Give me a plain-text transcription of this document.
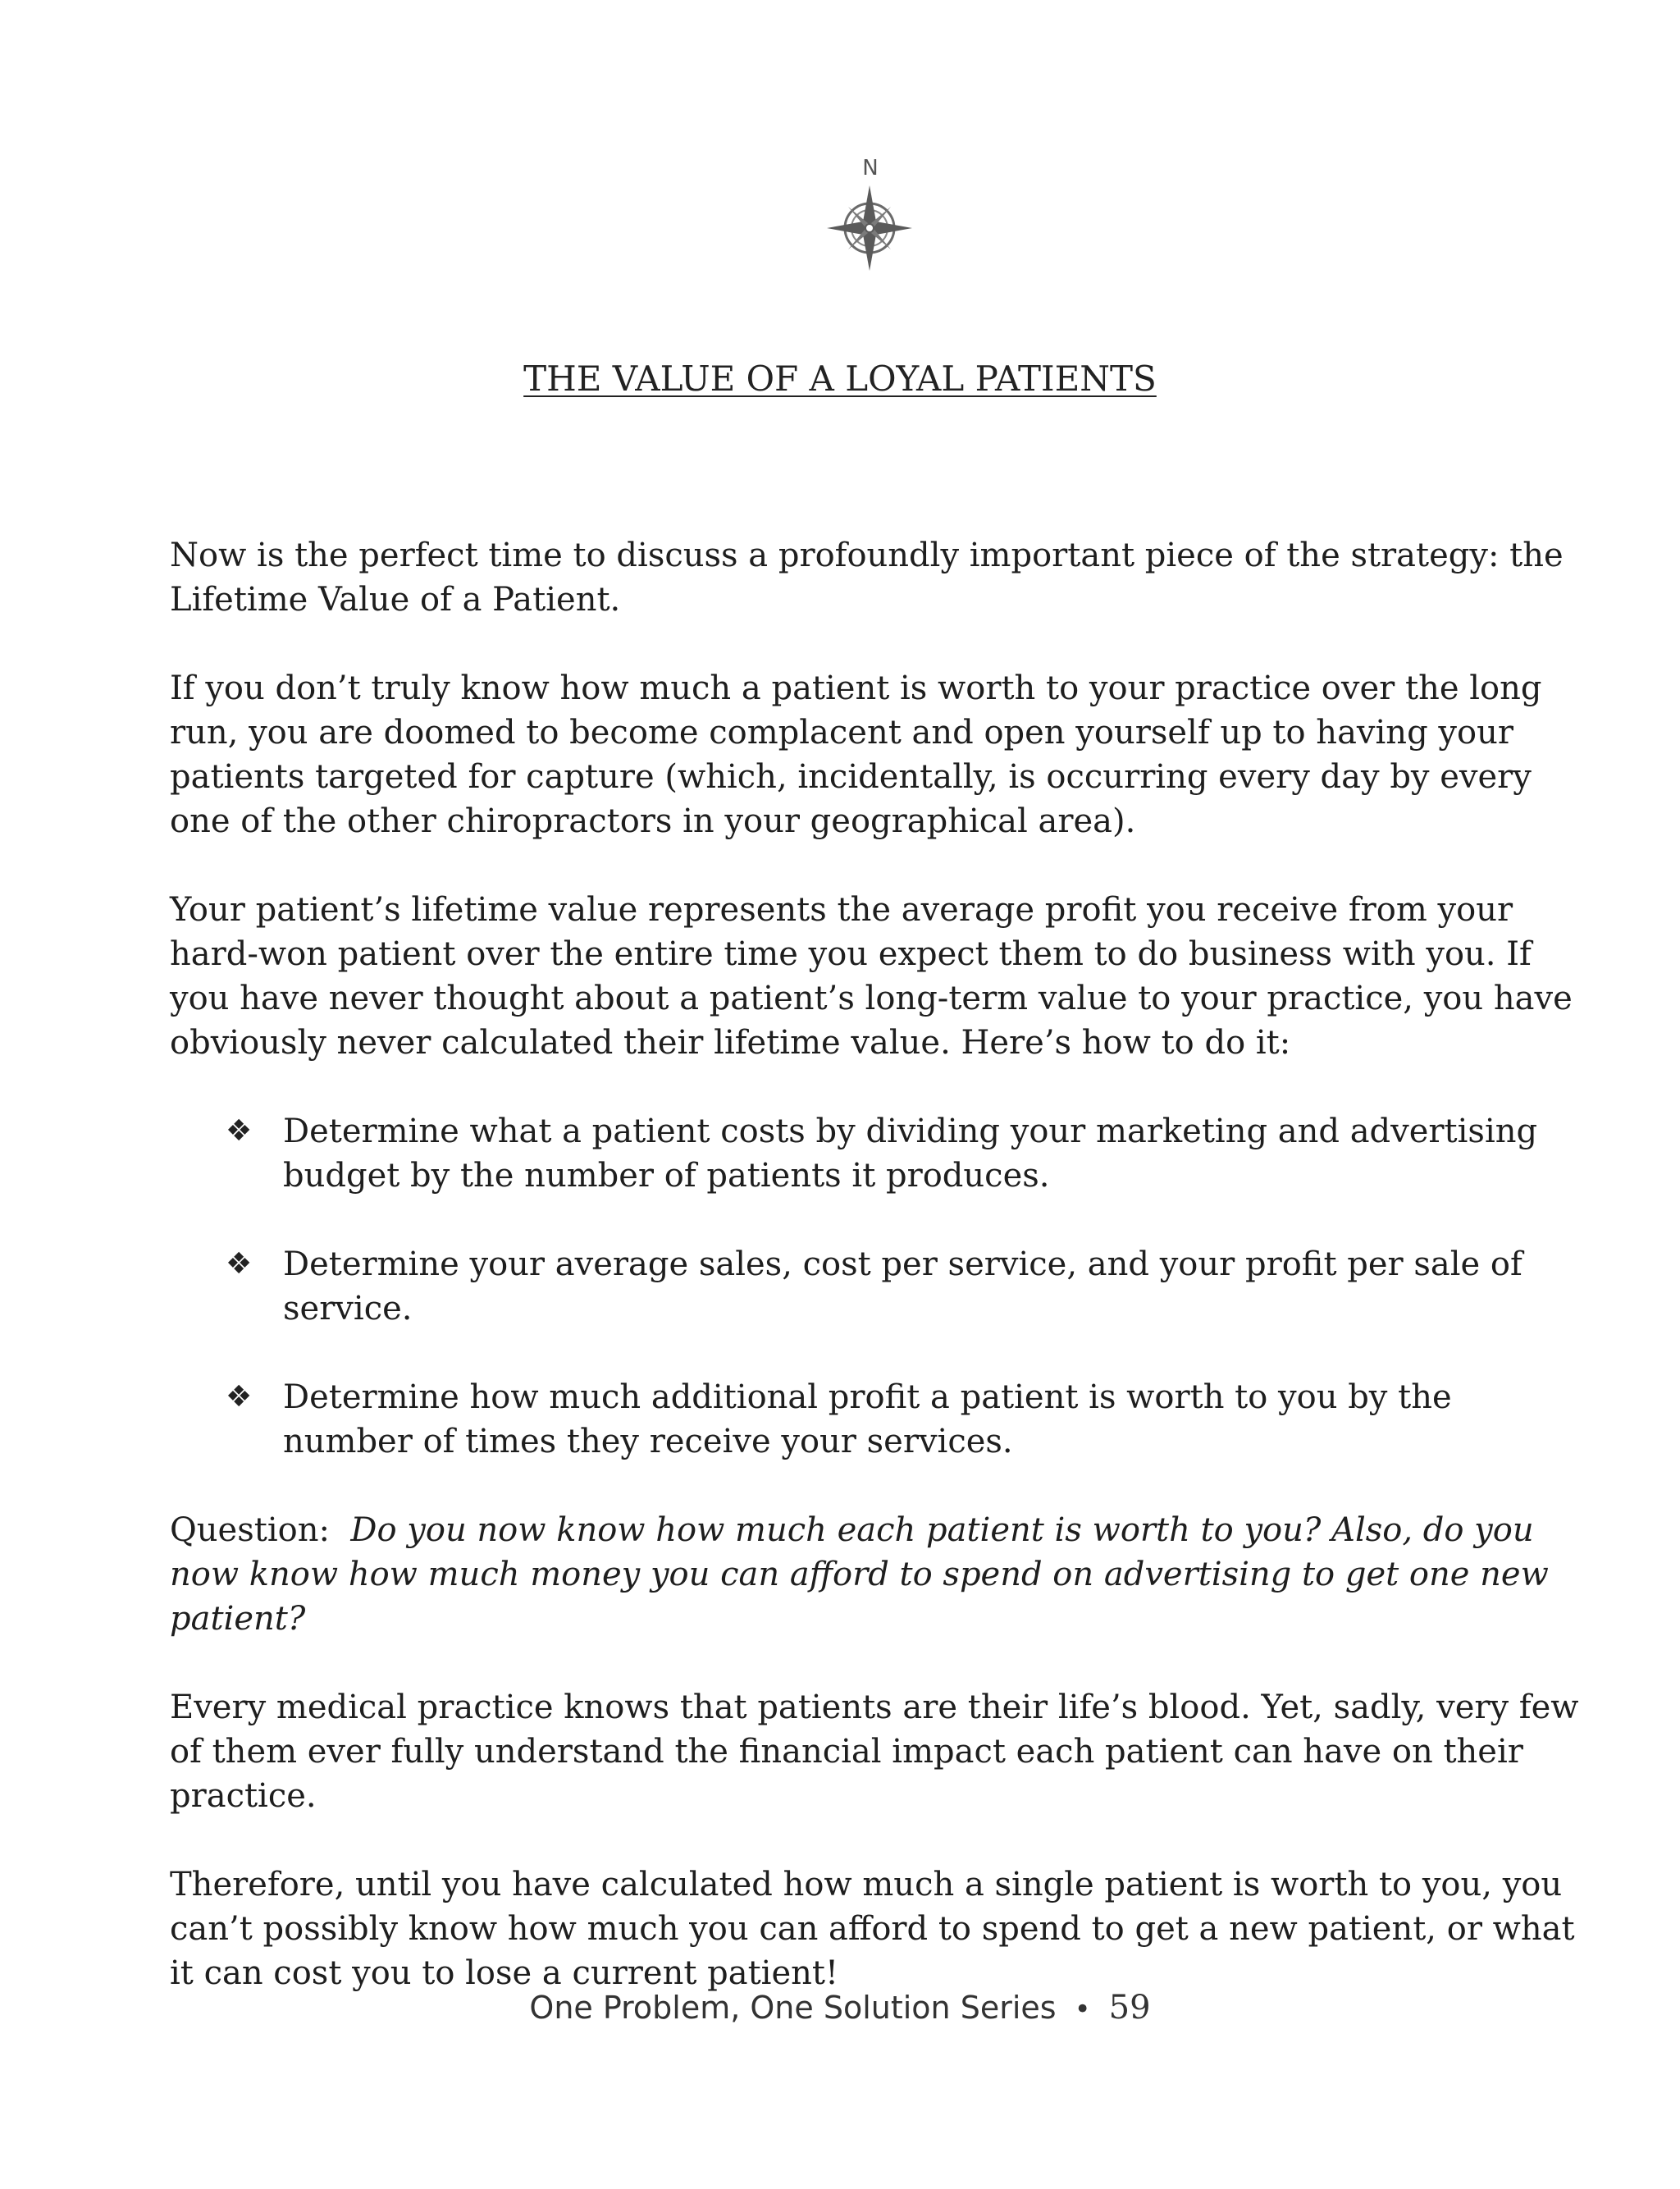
N
THE VALUE OF A LOYAL PATIENTS

Now is the perfect time to discuss a profoundly important piece of the strategy: the Lifetime Value of a Patient.

If you don’t truly know how much a patient is worth to your practice over the long run, you are doomed to become complacent and open yourself up to having your patients targeted for capture (which, incidentally, is occurring every day by every one of the other chiropractors in your geographical area).

Your patient’s lifetime value represents the average profit you receive from your hard-won patient over the entire time you expect them to do business with you. If you have never thought about a patient’s long-term value to your practice, you have obviously never calculated their lifetime value. Here’s how to do it:

❖ Determine what a patient costs by dividing your marketing and advertising budget by the number of patients it produces.
❖ Determine your average sales, cost per service, and your profit per sale of service.
❖ Determine how much additional profit a patient is worth to you by the number of times they receive your services.

Question: Do you now know how much each patient is worth to you? Also, do you now know how much money you can afford to spend on advertising to get one new patient?

Every medical practice knows that patients are their life’s blood. Yet, sadly, very few of them ever fully understand the financial impact each patient can have on their practice.

Therefore, until you have calculated how much a single patient is worth to you, you can’t possibly know how much you can afford to spend to get a new patient, or what it can cost you to lose a current patient!

One Problem, One Solution Series • 59
